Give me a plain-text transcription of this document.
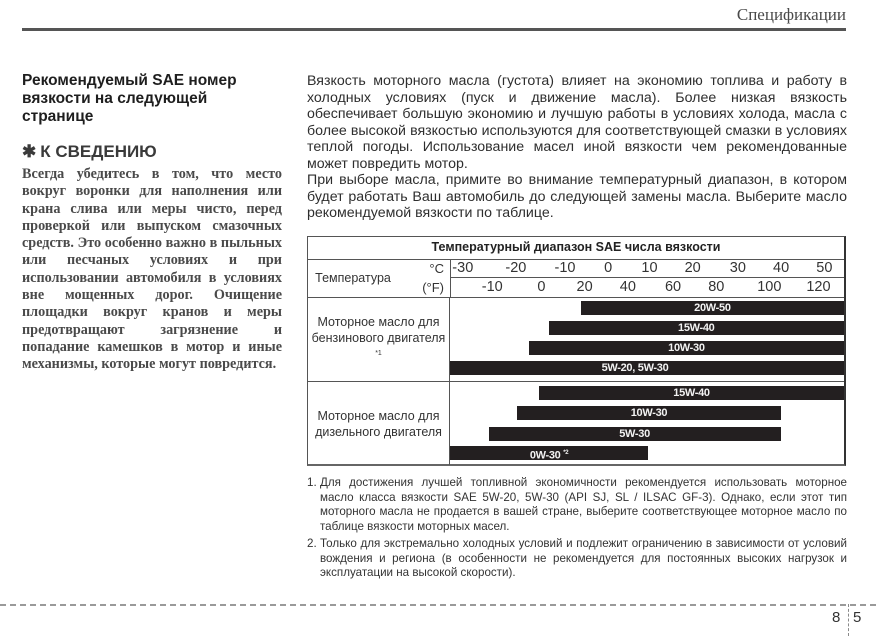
Спецификации
Рекомендуемый SAE номер вязкости на следующей странице
✱ К СВЕДЕНИЮ
Всегда убедитесь в том, что место вокруг воронки для наполнения или крана слива или меры чисто, перед проверкой или выпуском смазочных средств. Это особенно важно в пыльных или песчаных условиях и при использовании автомобиля в условиях вне мощенных дорог. Очищение площадки вокруг кранов и меры предотвращают загрязнение и попадание камешков в мотор и иные механизмы, которые могут повредится.

Вязкость моторного масла (густота) влияет на экономию топлива и работу в холодных условиях (пуск и движение масла). Более низкая вязкость обеспечивает большую экономию и лучшую работы в условиях холода, масла с более высокой вязкостью используются для соответствующей смазки в условиях теплой погоды. Использование масел иной вязкости чем рекомендованные может повредить мотор.

При выборе масла, примите во внимание температурный диапазон, в котором будет работать Ваш автомобиль до следующей замены масла. Выберите масло рекомендуемой вязкости по таблице.

Температурный диапазон SAE числа вязкости
Температура
°C
(°F)
-30 -20 -10 0 10 20 30 40 50
-10 0 20 40 60 80 100 120
Моторное масло для бензинового двигателя $^{*1}$
20W-50
15W-40
10W-30
5W-20, 5W-30
Моторное масло для дизельного двигателя
15W-40
10W-30
5W-30
0W-30 $^{*2}$
1. Для достижения лучшей топливной экономичности рекомендуется использовать моторное масло класса вязкости SAE 5W-20, 5W-30 (API SJ, SL / ILSAC GF-3). Однако, если этот тип моторного масла не продается в вашей стране, выберите соответствующее моторное масло по таблице вязкости моторных масел.
2. Только для экстремально холодных условий и подлежит ограничению в зависимости от условий вождения и региона (в особенности не рекомендуется для постоянных высоких нагрузок и эксплуатации на высокой скорости).
8 5
